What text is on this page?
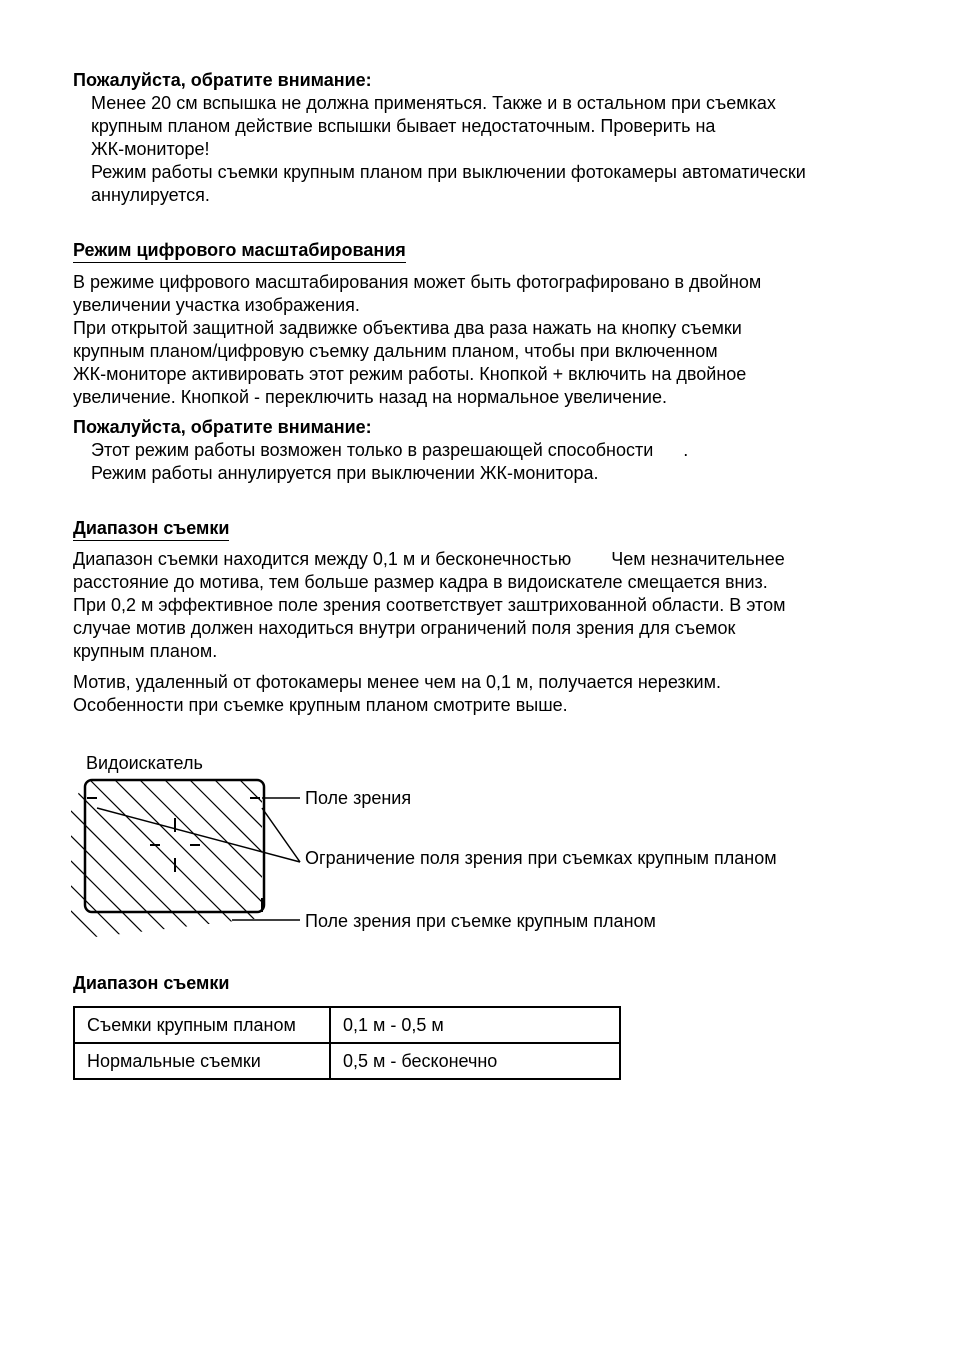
Пожалуйста, обратите внимание:

Менее 20 см вспышка не должна применяться. Также и в остальном при съемках

крупным планом действие вспышки бывает недостаточным. Проверить на

ЖК-мониторе!

Режим работы съемки крупным планом при выключении фотокамеры автоматически

аннулируется.

Режим цифрового масштабирования

В режиме цифрового масштабирования может быть фотографировано в двойном

увеличении участка изображения.

При открытой защитной задвижке объектива два раза нажать на кнопку съемки

крупным планом/цифровую съемку дальним планом, чтобы при включенном

ЖК-мониторе активировать этот режим работы. Кнопкой + включить на двойное

увеличение. Кнопкой - переключить назад на нормальное увеличение.

Пожалуйста, обратите внимание:

Этот режим работы возможен только в разрешающей способности      .

Режим работы аннулируется при выключении ЖК-монитора.

Диапазон съемки

Диапазон съемки находится между 0,1 м и бесконечностью        Чем незначительнее

расстояние до мотива, тем больше размер кадра в видоискателе смещается вниз.

При 0,2 м эффективное поле зрения соответствует заштрихованной области. В этом

случае мотив должен находиться внутри ограничений поля зрения для съемок

крупным планом.

Мотив, удаленный от фотокамеры менее чем на 0,1 м, получается нерезким.

Особенности при съемке крупным планом смотрите выше.

Видоискатель
Поле зрения
Ограничение поля зрения при съемках крупным планом
Поле зрения при съемке крупным планом
Диапазон съемки
Съемки крупным планом	0,1 м - 0,5 м
Нормальные съемки	0,5 м - бесконечно
